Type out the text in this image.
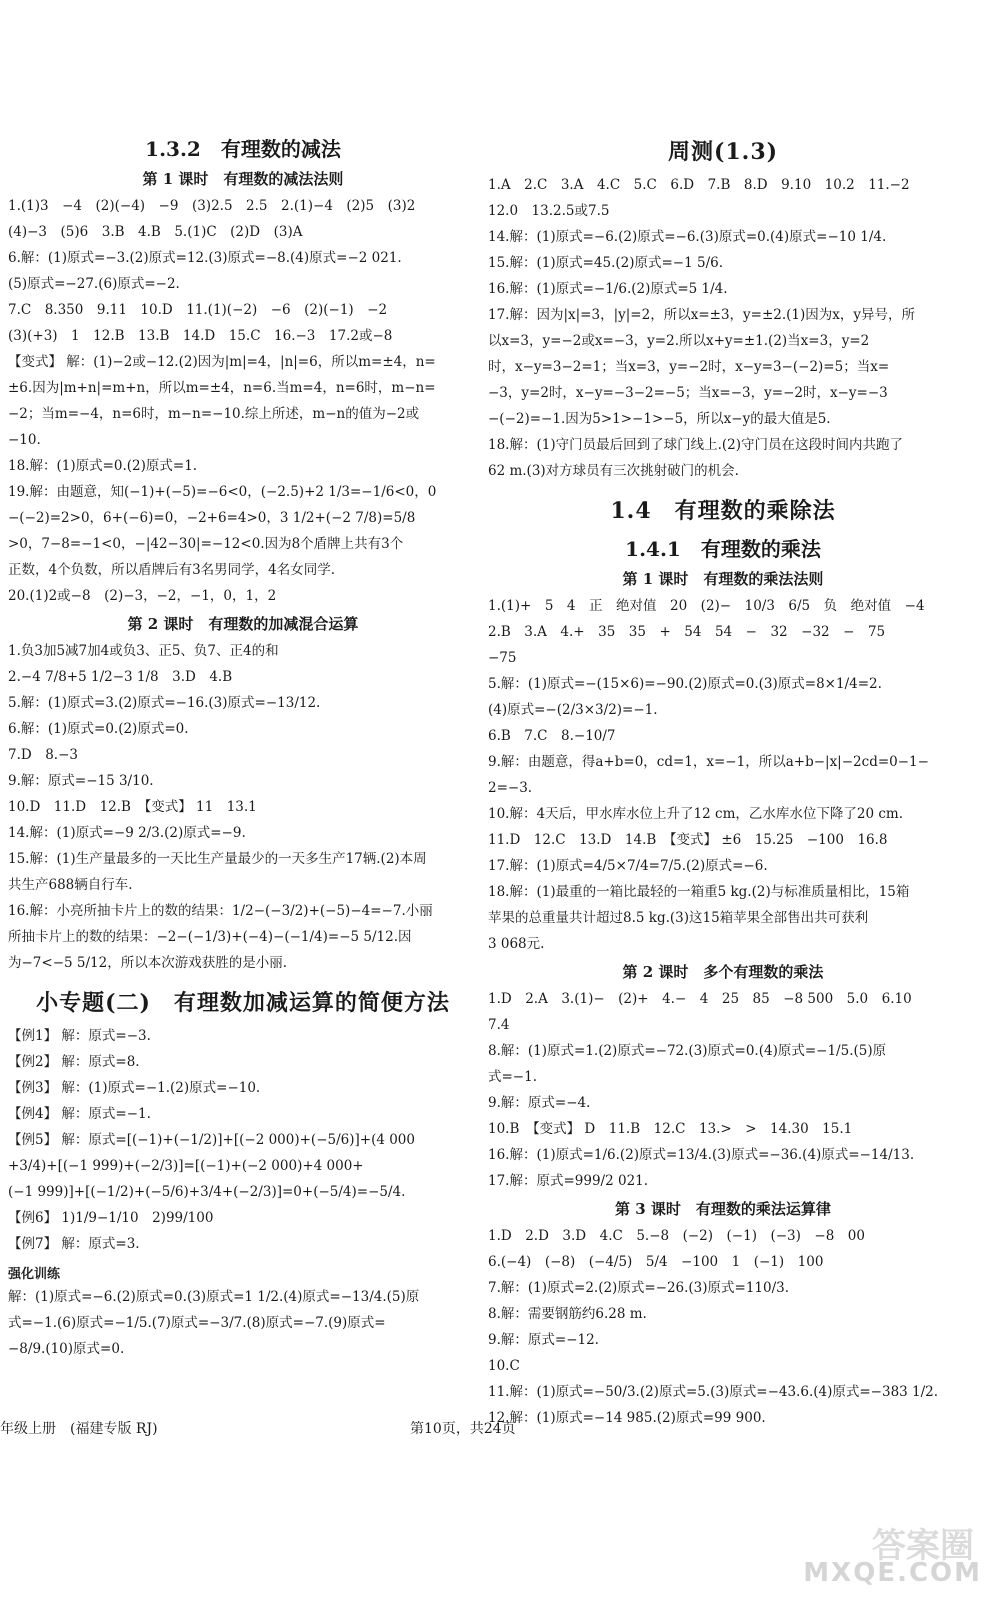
1.3.2　有理数的减法
第 1 课时　有理数的减法法则
1.(1)3　−4　(2)(−4)　−9　(3)2.5　2.5　2.(1)−4　(2)5　(3)2
(4)−3　(5)6　3.B　4.B　5.(1)C　(2)D　(3)A
6.解：(1)原式=−3.(2)原式=12.(3)原式=−8.(4)原式=−2 021.
(5)原式=−27.(6)原式=−2.
7.C　8.350　9.11　10.D　11.(1)(−2)　−6　(2)(−1)　−2
(3)(+3)　1　12.B　13.B　14.D　15.C　16.−3　17.2或−8
【变式】 解：(1)−2或−12.(2)因为|m|=4，|n|=6，所以m=±4，n=
±6.因为|m+n|=m+n，所以m=±4，n=6.当m=4，n=6时，m−n=
−2；当m=−4，n=6时，m−n=−10.综上所述，m−n的值为−2或
−10.
18.解：(1)原式=0.(2)原式=1.
19.解：由题意，知(−1)+(−5)=−6<0，(−2.5)+2 1/3=−1/6<0，0
−(−2)=2>0，6+(−6)=0，−2+6=4>0，3 1/2+(−2 7/8)=5/8
>0，7−8=−1<0，−|42−30|=−12<0.因为8个盾牌上共有3个
正数，4个负数，所以盾牌后有3名男同学，4名女同学.
20.(1)2或−8　(2)−3，−2，−1，0，1，2
第 2 课时　有理数的加减混合运算
1.负3加5减7加4或负3、正5、负7、正4的和
2.−4 7/8+5 1/2−3 1/8　3.D　4.B
5.解：(1)原式=3.(2)原式=−16.(3)原式=−13/12.
6.解：(1)原式=0.(2)原式=0.
7.D　8.−3
9.解：原式=−15 3/10.
10.D　11.D　12.B　【变式】 11　13.1
14.解：(1)原式=−9 2/3.(2)原式=−9.
15.解：(1)生产量最多的一天比生产量最少的一天多生产17辆.(2)本周
共生产688辆自行车.
16.解：小亮所抽卡片上的数的结果：1/2−(−3/2)+(−5)−4=−7.小丽
所抽卡片上的数的结果：−2−(−1/3)+(−4)−(−1/4)=−5 5/12.因
为−7<−5 5/12，所以本次游戏获胜的是小丽.
小专题(二)　有理数加减运算的简便方法
【例1】 解：原式=−3.
【例2】 解：原式=8.
【例3】 解：(1)原式=−1.(2)原式=−10.
【例4】 解：原式=−1.
【例5】 解：原式=[(−1)+(−1/2)]+[(−2 000)+(−5/6)]+(4 000
+3/4)+[(−1 999)+(−2/3)]=[(−1)+(−2 000)+4 000+
(−1 999)]+[(−1/2)+(−5/6)+3/4+(−2/3)]=0+(−5/4)=−5/4.
【例6】 1)1/9−1/10　2)99/100
【例7】 解：原式=3.
强化训练
解：(1)原式=−6.(2)原式=0.(3)原式=1 1/2.(4)原式=−13/4.(5)原
式=−1.(6)原式=−1/5.(7)原式=−3/7.(8)原式=−7.(9)原式=
−8/9.(10)原式=0.
周测(1.3)
1.A　2.C　3.A　4.C　5.C　6.D　7.B　8.D　9.10　10.2　11.−2
12.0　13.2.5或7.5
14.解：(1)原式=−6.(2)原式=−6.(3)原式=0.(4)原式=−10 1/4.
15.解：(1)原式=45.(2)原式=−1 5/6.
16.解：(1)原式=−1/6.(2)原式=5 1/4.
17.解：因为|x|=3，|y|=2，所以x=±3，y=±2.(1)因为x，y异号，所
以x=3，y=−2或x=−3，y=2.所以x+y=±1.(2)当x=3，y=2
时，x−y=3−2=1；当x=3，y=−2时，x−y=3−(−2)=5；当x=
−3，y=2时，x−y=−3−2=−5；当x=−3，y=−2时，x−y=−3
−(−2)=−1.因为5>1>−1>−5，所以x−y的最大值是5.
18.解：(1)守门员最后回到了球门线上.(2)守门员在这段时间内共跑了
62 m.(3)对方球员有三次挑射破门的机会.
1.4　有理数的乘除法
1.4.1　有理数的乘法
第 1 课时　有理数的乘法法则
1.(1)+　5　4　正　绝对值　20　(2)−　10/3　6/5　负　绝对值　−4
2.B　3.A　4.+　35　35　+　54　54　−　32　−32　−　75
−75
5.解：(1)原式=−(15×6)=−90.(2)原式=0.(3)原式=8×1/4=2.
(4)原式=−(2/3×3/2)=−1.
6.B　7.C　8.−10/7
9.解：由题意，得a+b=0，cd=1，x=−1，所以a+b−|x|−2cd=0−1−
2=−3.
10.解：4天后，甲水库水位上升了12 cm，乙水库水位下降了20 cm.
11.D　12.C　13.D　14.B　【变式】 ±6　15.25　−100　16.8
17.解：(1)原式=4/5×7/4=7/5.(2)原式=−6.
18.解：(1)最重的一箱比最轻的一箱重5 kg.(2)与标准质量相比，15箱
苹果的总重量共计超过8.5 kg.(3)这15箱苹果全部售出共可获利
3 068元.
第 2 课时　多个有理数的乘法
1.D　2.A　3.(1)−　(2)+　4.−　4　25　85　−8 500　5.0　6.10
7.4
8.解：(1)原式=1.(2)原式=−72.(3)原式=0.(4)原式=−1/5.(5)原
式=−1.
9.解：原式=−4.
10.B　【变式】 D　11.B　12.C　13.>　>　14.30　15.1
16.解：(1)原式=1/6.(2)原式=13/4.(3)原式=−36.(4)原式=−14/13.
17.解：原式=999/2 021.
第 3 课时　有理数的乘法运算律
1.D　2.D　3.D　4.C　5.−8　(−2)　(−1)　(−3)　−8　00
6.(−4)　(−8)　(−4/5)　5/4　−100　1　(−1)　100
7.解：(1)原式=2.(2)原式=−26.(3)原式=110/3.
8.解：需要钢筋约6.28 m.
9.解：原式=−12.
10.C
11.解：(1)原式=−50/3.(2)原式=5.(3)原式=−43.6.(4)原式=−383 1/2.
12.解：(1)原式=−14 985.(2)原式=99 900.
年级上册　(福建专版 RJ)	第10页，共24页
答案圈
MXQE.COM
